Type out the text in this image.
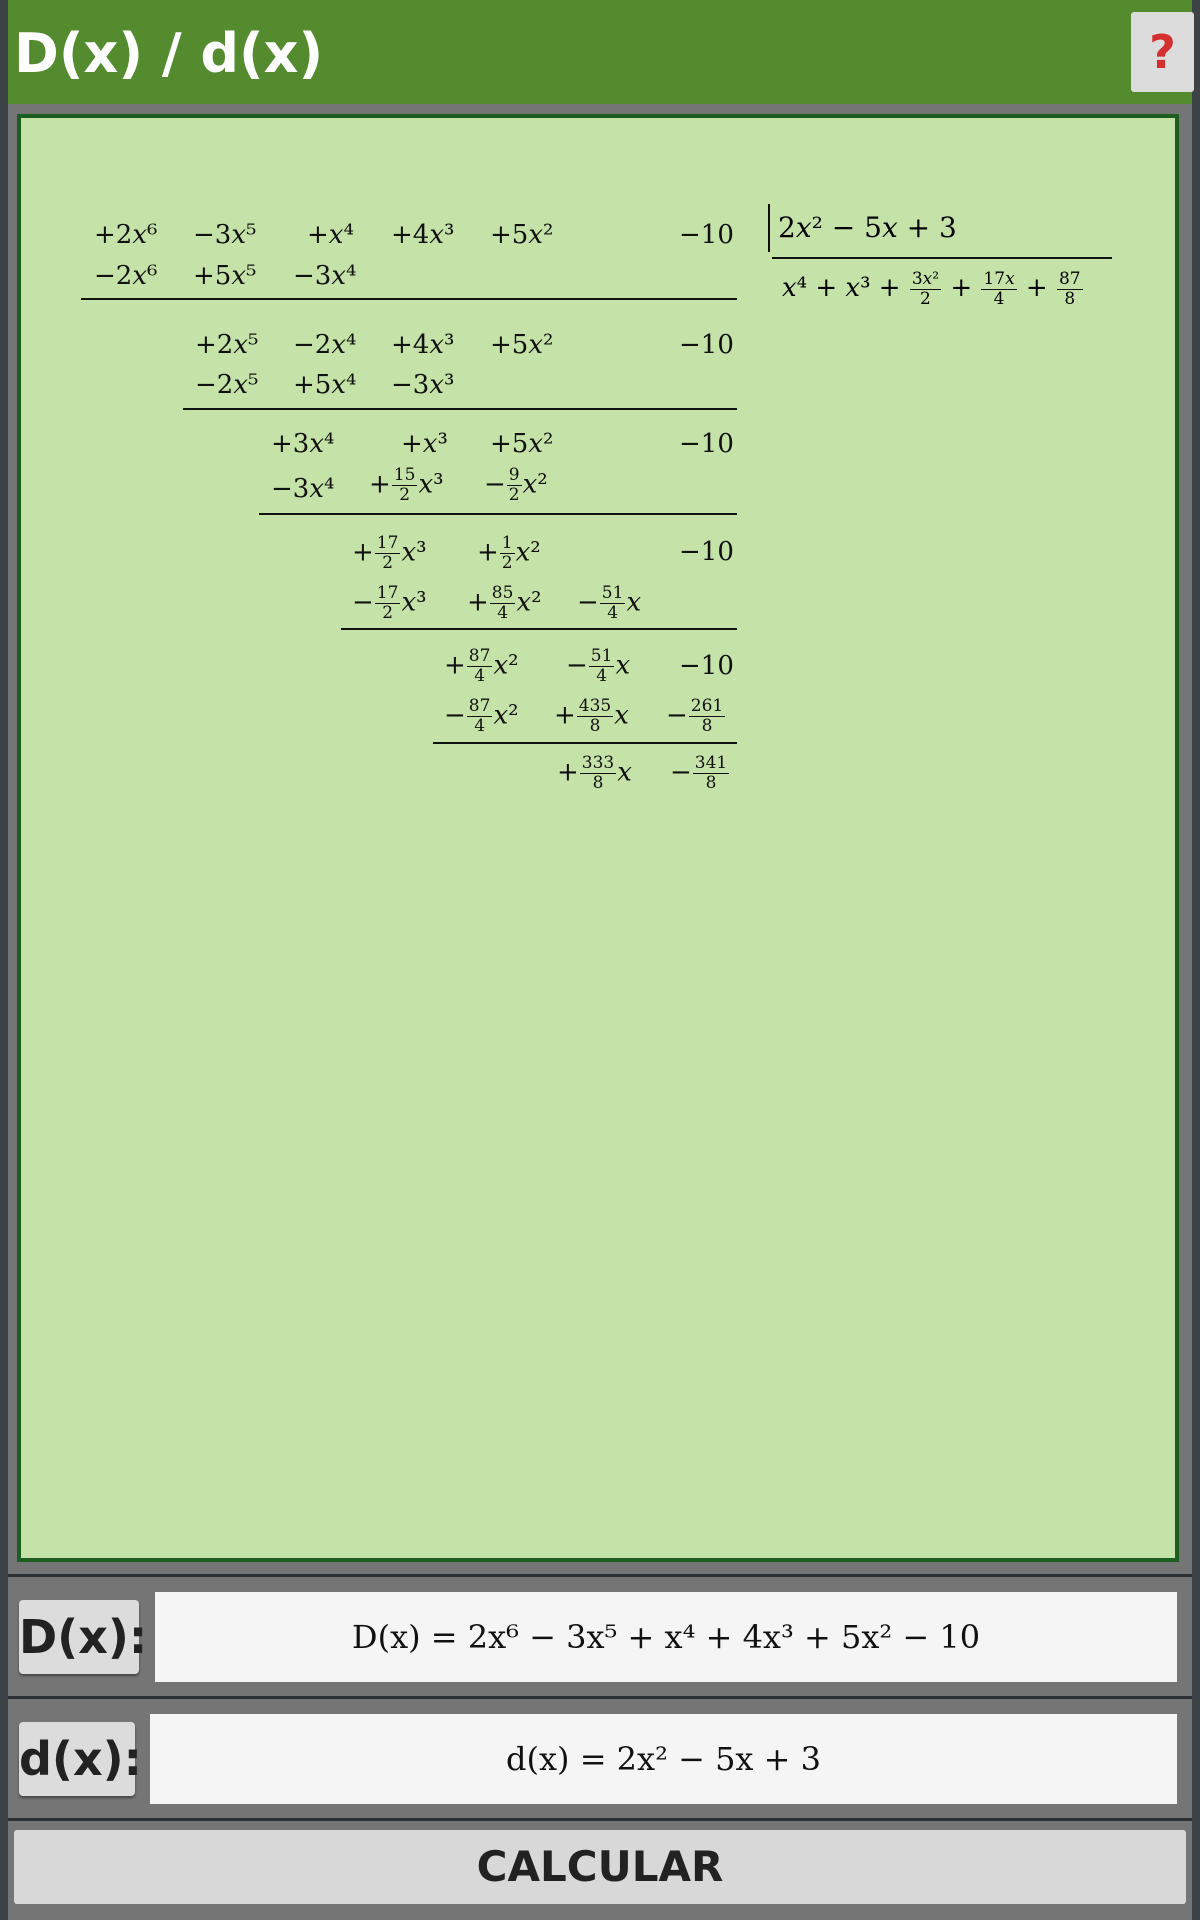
D(x) / d(x)	?
+2x⁶ −3x⁵ +x⁴ +4x³ +5x²	−10
−2x⁶ +5x⁵ −3x⁴
+2x⁵ −2x⁴ +4x³ +5x²	−10
−2x⁵ +5x⁴ −3x³
+3x⁴	+x³ +5x²	−10
$-3x^4 + \frac{15}{2} x^3 - \frac{9}{2} x^2$
+ $\frac{17}{2} x^3 + \frac{1}{2} x^2$	−10
− $\frac{17}{2} x^3 + \frac{85}{4} x^2 - \frac{51}{4}$ x
+ $\frac{87}{4} x^2 - \frac{51}{4}$ x −10
− $\frac{87}{4} x^2 + \frac{435}{8}$ $x - \frac{261}{8}$
+ $\frac{333}{8}$ $x - \frac{341}{8}$
2x² − 5x + 3
$x^4 + x^3 + \frac{\text{3x²}}{2} + \frac{17x}{4} + \frac{87}{8}$
D(x):	D(x) = 2x⁶ − 3x⁵ + x⁴ + 4x³ + 5x² − 10
d(x):	d(x) = 2x² − 5x + 3
CALCULAR
